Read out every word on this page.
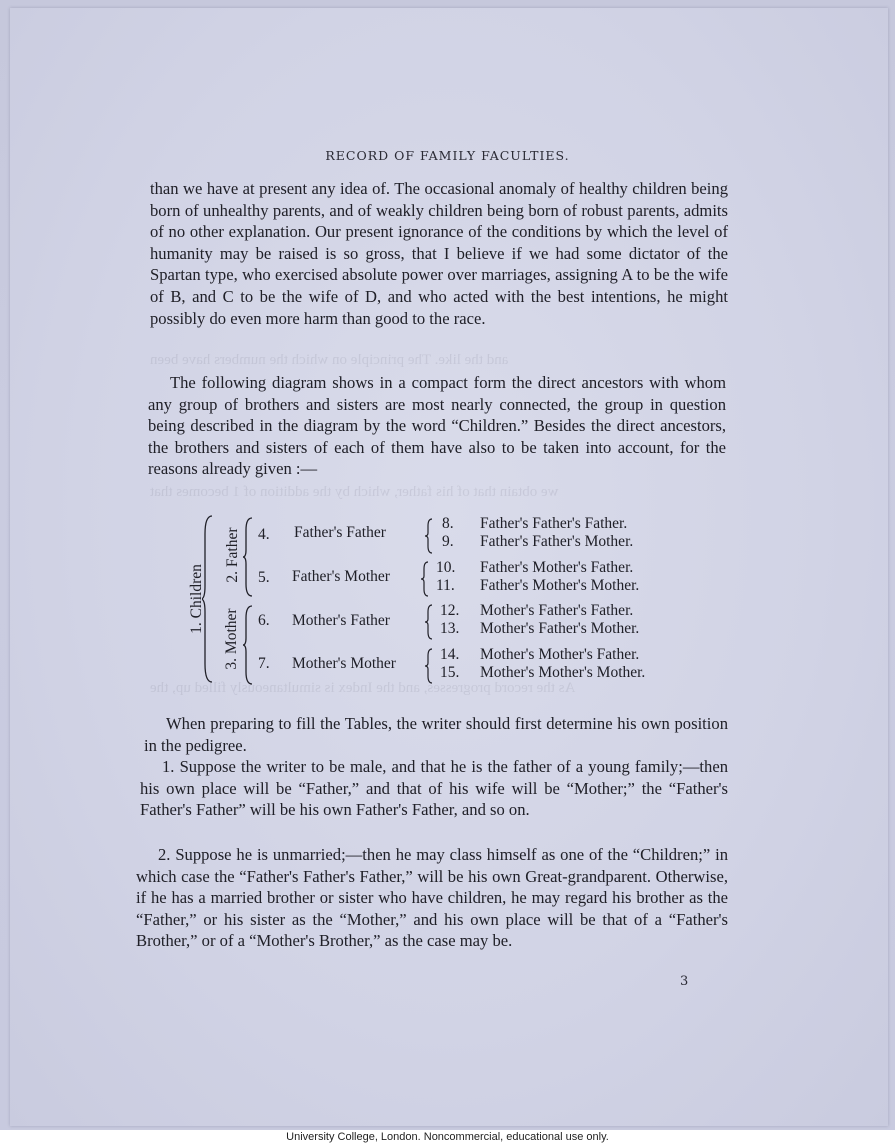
and the like. The principle on which the numbers have been
we obtain that of his father, which by the addition of 1 becomes that
As the record progresses, and the Index is simultaneously filled up, the
RECORD OF FAMILY FACULTIES.

than we have at present any idea of. The occasional anomaly of healthy children being born of unhealthy parents, and of weakly children being born of robust parents, admits of no other explanation. Our present ignorance of the conditions by which the level of humanity may be raised is so gross, that I believe if we had some dictator of the Spartan type, who exercised absolute power over marriages, assigning A to be the wife of B, and C to be the wife of D, and who acted with the best intentions, he might possibly do even more harm than good to the race.

The following diagram shows in a compact form the direct ancestors with whom any group of brothers and sisters are most nearly connected, the group in question being described in the diagram by the word “Children.” Besides the direct ancestors, the brothers and sisters of each of them have also to be taken into account, for the reasons already given :—

1. Children
2. Father
3. Mother
4. Father's Father
5. Father's Mother
6. Mother's Father
7. Mother's Mother
8. Father's Father's Father.
9. Father's Father's Mother.
10. Father's Mother's Father.
11. Father's Mother's Mother.
12. Mother's Father's Father.
13. Mother's Father's Mother.
14. Mother's Mother's Father.
15. Mother's Mother's Mother.

When preparing to fill the Tables, the writer should first determine his own position in the pedigree.

1. Suppose the writer to be male, and that he is the father of a young family;—then his own place will be “Father,” and that of his wife will be “Mother;” the “Father's Father's Father” will be his own Father's Father, and so on.

2. Suppose he is unmarried;—then he may class himself as one of the “Children;” in which case the “Father's Father's Father,” will be his own Great-grandparent. Otherwise, if he has a married brother or sister who have children, he may regard his brother as the “Father,” or his sister as the “Mother,” and his own place will be that of a “Father's Brother,” or of a “Mother's Brother,” as the case may be.

3
University College, London. Noncommercial, educational use only.
